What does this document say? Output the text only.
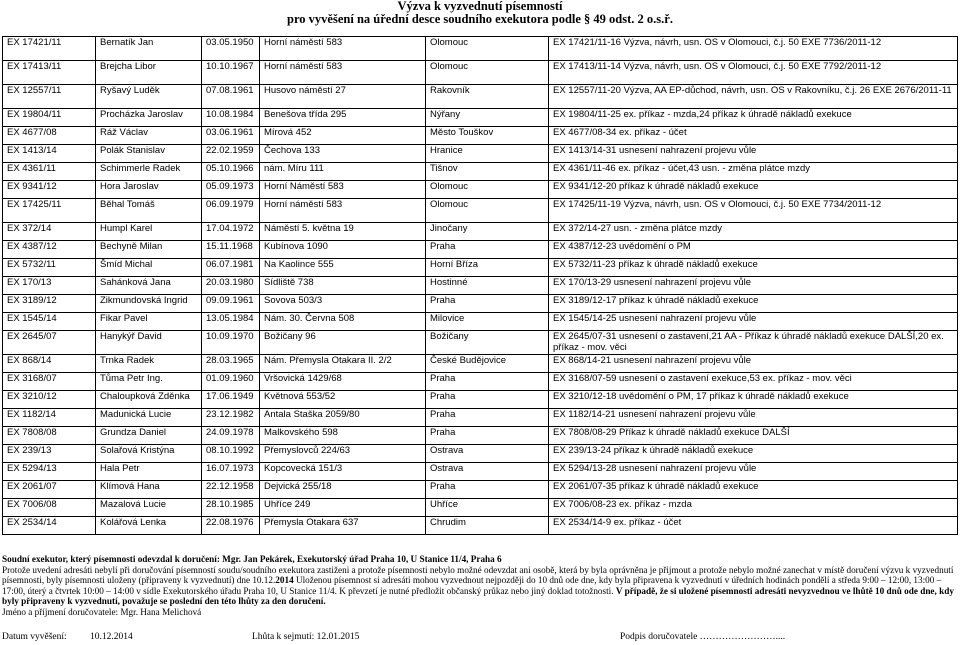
Výzva k vyzvednutí písemností
pro vyvěšení na úřední desce soudního exekutora podle § 49 odst. 2 o.s.ř.
EX 17421/11	Bernatík Jan	03.05.1950	Horní náměstí 583	Olomouc	EX 17421/11-16 Výzva, návrh, usn. OS v Olomouci, č.j. 50 EXE 7736/2011-12
EX 17413/11	Brejcha Libor	10.10.1967	Horní náměstí 583	Olomouc	EX 17413/11-14 Výzva, návrh, usn. OS v Olomouci, č.j. 50 EXE 7792/2011-12
EX 12557/11	Ryšavý Luděk	07.08.1961	Husovo náměstí 27	Rakovník	EX 12557/11-20 Výzva, AA EP-důchod, návrh, usn. OS v Rakovníku, č.j. 26 EXE 2676/2011-11
EX 19804/11	Procházka Jaroslav	10.08.1984	Benešova třída 295	Nýřany	EX 19804/11-25 ex. příkaz - mzda,24 příkaz k úhradě nákladů exekuce
EX 4677/08	Ráž Václav	03.06.1961	Mírová 452	Město Touškov	EX 4677/08-34 ex. příkaz - účet
EX 1413/14	Polák Stanislav	22.02.1959	Čechova 133	Hranice	EX 1413/14-31 usnesení nahrazení projevu vůle
EX 4361/11	Schimmerle Radek	05.10.1966	nám. Míru 111	Tišnov	EX 4361/11-46 ex. příkaz - účet,43 usn. - změna plátce mzdy
EX 9341/12	Hora Jaroslav	05.09.1973	Horní Náměstí 583	Olomouc	EX 9341/12-20 příkaz k úhradě nákladů exekuce
EX 17425/11	Běhal Tomáš	06.09.1979	Horní náměstí 583	Olomouc	EX 17425/11-19 Výzva, návrh, usn. OS v Olomouci, č.j. 50 EXE 7734/2011-12
EX 372/14	Humpl Karel	17.04.1972	Náměstí 5. května 19	Jinočany	EX 372/14-27 usn. - změna plátce mzdy
EX 4387/12	Bechyně Milan	15.11.1968	Kubínova 1090	Praha	EX 4387/12-23 uvědomění o PM
EX 5732/11	Šmíd Michal	06.07.1981	Na Kaolince 555	Horní Bříza	EX 5732/11-23 příkaz k úhradě nákladů exekuce
EX 170/13	Sahánková Jana	20.03.1980	Sídliště 738	Hostinné	EX 170/13-29 usnesení nahrazení projevu vůle
EX 3189/12	Zikmundovská Ingrid	09.09.1961	Sovova 503/3	Praha	EX 3189/12-17 příkaz k úhradě nákladů exekuce
EX 1545/14	Fikar Pavel	13.05.1984	Nám. 30. Června 508	Milovice	EX 1545/14-25 usnesení nahrazení projevu vůle
EX 2645/07	Hanykýř David	10.09.1970	Božičany 96	Božičany	EX 2645/07-31 usnesení o zastavení,21 AA - Příkaz k úhradě nákladů exekuce DALŠÍ,20 ex. příkaz - mov. věci
EX 868/14	Trnka Radek	28.03.1965	Nám. Přemysla Otakara II. 2/2	České Budějovice	EX 868/14-21 usnesení nahrazení projevu vůle
EX 3168/07	Tůma Petr Ing.	01.09.1960	Vršovická 1429/68	Praha	EX 3168/07-59 usnesení o zastavení exekuce,53 ex. příkaz - mov. věci
EX 3210/12	Chaloupková Zděnka	17.06.1949	Květnová 553/52	Praha	EX 3210/12-18 uvědomění o PM, 17 příkaz k úhradě nákladů exekuce
EX 1182/14	Madunická Lucie	23.12.1982	Antala Staška 2059/80	Praha	EX 1182/14-21 usnesení nahrazení projevu vůle
EX 7808/08	Grundza Daniel	24.09.1978	Malkovského 598	Praha	EX 7808/08-29 Příkaz k úhradě nákladů exekuce DALŠÍ
EX 239/13	Solařová Kristýna	08.10.1992	Přemyslovců 224/63	Ostrava	EX 239/13-24 příkaz k úhradě nákladů exekuce
EX 5294/13	Hala Petr	16.07.1973	Kopcovecká 151/3	Ostrava	EX 5294/13-28 usnesení nahrazení projevu vůle
EX 2061/07	Klímová Hana	22.12.1958	Dejvická 255/18	Praha	EX 2061/07-35 příkaz k úhradě nákladů exekuce
EX 7006/08	Mazalová Lucie	28.10.1985	Uhříce 249	Uhříce	EX 7006/08-23 ex. příkaz - mzda
EX 2534/14	Kolářová Lenka	22.08.1976	Přemysla Otakara 637	Chrudim	EX 2534/14-9 ex. příkaz - účet
Soudní exekutor, který písemnosti odevzdal k doručení: Mgr. Jan Pekárek, Exekutorský úřad Praha 10, U Stanice 11/4, Praha 6
Protože uvedení adresáti nebyli při doručování písemností soudu/soudního exekutora zastiženi a protože písemnosti nebylo možné odevzdat ani osobě, která by byla oprávněna je přijmout a protože nebylo možné zanechat v místě doručení výzvu k vyzvednutí písemnosti, byly písemnosti uloženy (připraveny k vyzvednutí) dne 10.12.2014 Uloženou písemnost si adresáti mohou vyzvednout nejpozději do 10 dnů ode dne, kdy byla připravena k vyzvednutí v úředních hodinách pondělí a středa 9:00 – 12:00, 13:00 – 17:00, úterý a čtvrtek 10:00 – 14:00 v sídle Exekutorského úřadu Praha 10, U Stanice 11/4. K převzetí je nutné předložit občanský průkaz nebo jiný doklad totožnosti. V případě, že si uložené písemnosti adresáti nevyzvednou ve lhůtě 10 dnů ode dne, kdy byly připraveny k vyzvednutí, považuje se poslední den této lhůty za den doručení.
Jméno a příjmení doručovatele: Mgr. Hana Melichová
Datum vyvěšení: 10.12.2014	Lhůta k sejmutí: 12.01.2015	Podpis doručovatele ……………………....
